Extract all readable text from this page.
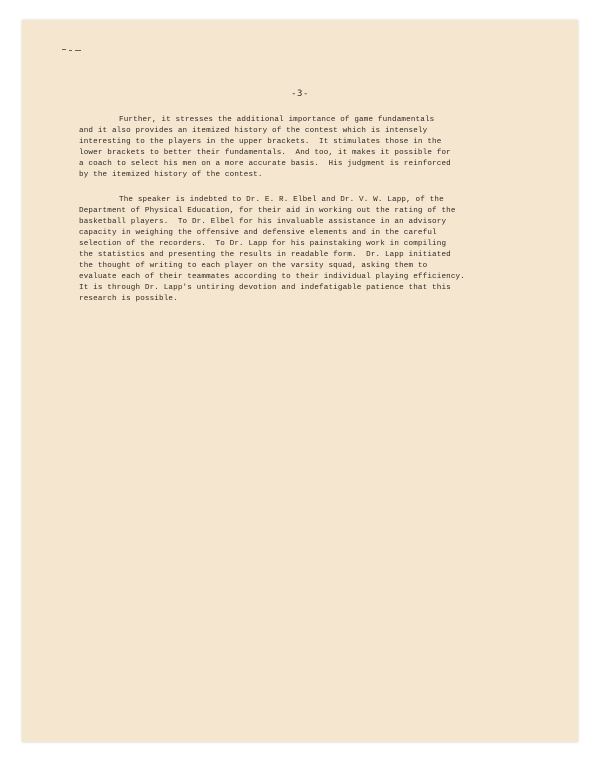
-3-
Further, it stresses the additional importance of game fundamentals
and it also provides an itemized history of the contest which is intensely
interesting to the players in the upper brackets.  It stimulates those in the
lower brackets to better their fundamentals.  And too, it makes it possible for
a coach to select his men on a more accurate basis.  His judgment is reinforced
by the itemized history of the contest.
The speaker is indebted to Dr. E. R. Elbel and Dr. V. W. Lapp, of the
Department of Physical Education, for their aid in working out the rating of the
basketball players.  To Dr. Elbel for his invaluable assistance in an advisory
capacity in weighing the offensive and defensive elements and in the careful
selection of the recorders.  To Dr. Lapp for his painstaking work in compiling
the statistics and presenting the results in readable form.  Dr. Lapp initiated
the thought of writing to each player on the varsity squad, asking them to
evaluate each of their teammates according to their individual playing efficiency.
It is through Dr. Lapp's untiring devotion and indefatigable patience that this
research is possible.
